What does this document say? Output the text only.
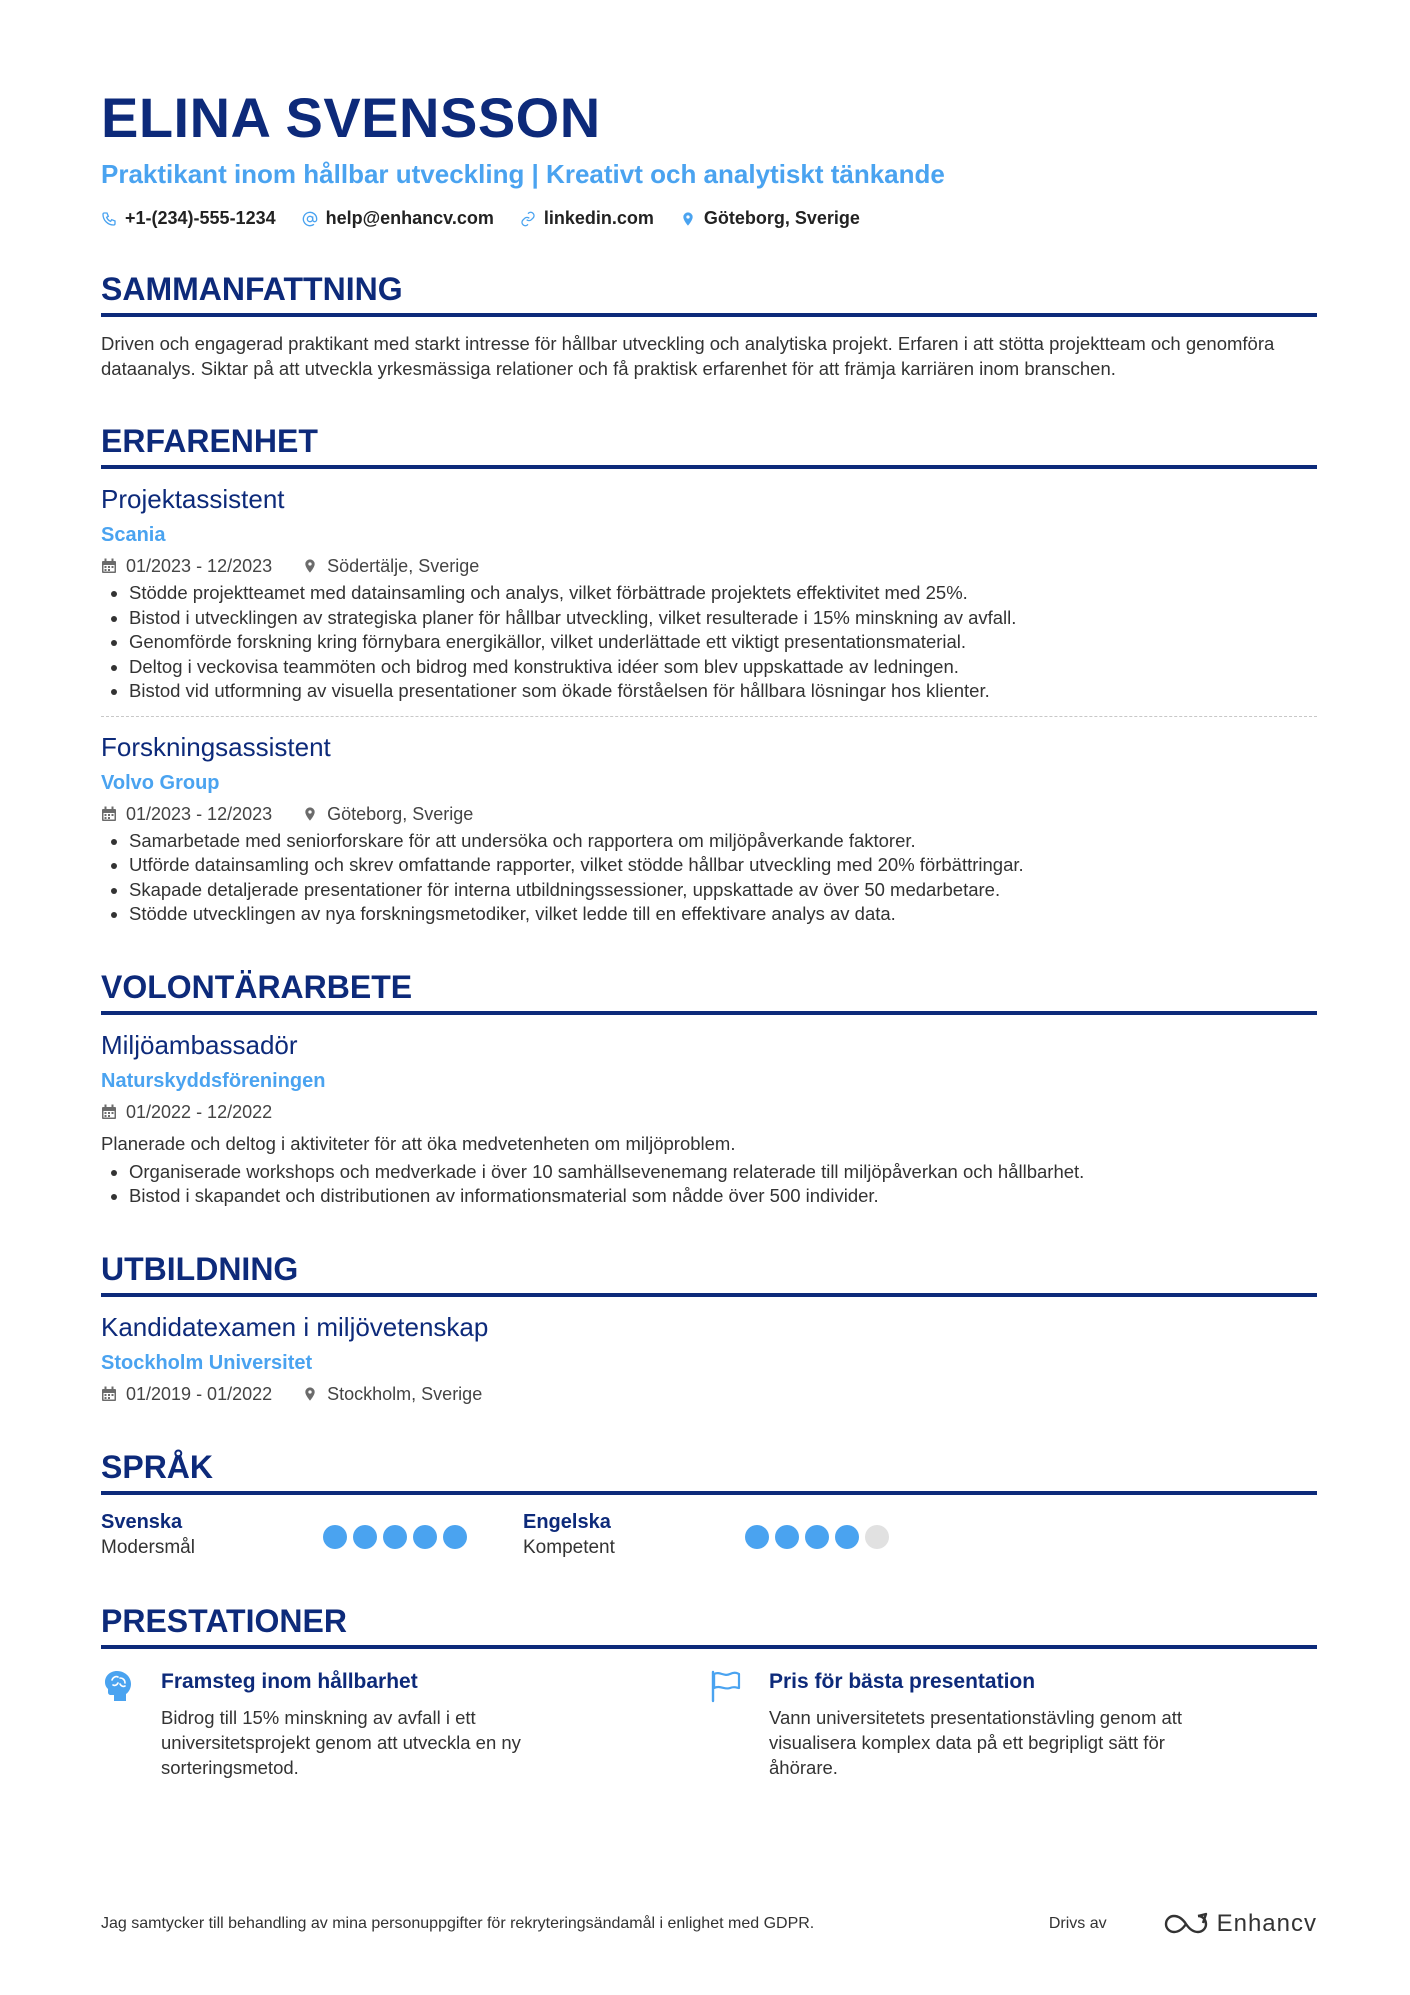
ELINA SVENSSON

Praktikant inom hållbar utveckling | Kreativt och analytiskt tänkande

+1-(234)-555-1234	help@enhancv.com	linkedin.com	Göteborg, Sverige
SAMMANFATTNING

Driven och engagerad praktikant med starkt intresse för hållbar utveckling och analytiska projekt. Erfaren i att stötta projektteam och genomföra dataanalys. Siktar på att utveckla yrkesmässiga relationer och få praktisk erfarenhet för att främja karriären inom branschen.

ERFARENHET

Projektassistent

Scania

01/2023 - 12/2023	Södertälje, Sverige
• Stödde projektteamet med datainsamling och analys, vilket förbättrade projektets effektivitet med 25%.
• Bistod i utvecklingen av strategiska planer för hållbar utveckling, vilket resulterade i 15% minskning av avfall.
• Genomförde forskning kring förnybara energikällor, vilket underlättade ett viktigt presentationsmaterial.
• Deltog i veckovisa teammöten och bidrog med konstruktiva idéer som blev uppskattade av ledningen.
• Bistod vid utformning av visuella presentationer som ökade förståelsen för hållbara lösningar hos klienter.

Forskningsassistent

Volvo Group

01/2023 - 12/2023	Göteborg, Sverige
• Samarbetade med seniorforskare för att undersöka och rapportera om miljöpåverkande faktorer.
• Utförde datainsamling och skrev omfattande rapporter, vilket stödde hållbar utveckling med 20% förbättringar.
• Skapade detaljerade presentationer för interna utbildningssessioner, uppskattade av över 50 medarbetare.
• Stödde utvecklingen av nya forskningsmetodiker, vilket ledde till en effektivare analys av data.
VOLONTÄRARBETE

Miljöambassadör

Naturskyddsföreningen

01/2022 - 12/2022

Planerade och deltog i aktiviteter för att öka medvetenheten om miljöproblem.

• Organiserade workshops och medverkade i över 10 samhällsevenemang relaterade till miljöpåverkan och hållbarhet.
• Bistod i skapandet och distributionen av informationsmaterial som nådde över 500 individer.
UTBILDNING

Kandidatexamen i miljövetenskap

Stockholm Universitet

01/2019 - 01/2022	Stockholm, Sverige
SPRÅK
Svenska
Modersmål
Engelska
Kompetent
PRESTATIONER

Framsteg inom hållbarhet

Bidrog till 15% minskning av avfall i ett universitetsprojekt genom att utveckla en ny sorteringsmetod.

Pris för bästa presentation

Vann universitetets presentationstävling genom att visualisera komplex data på ett begripligt sätt för åhörare.

Jag samtycker till behandling av mina personuppgifter för rekryteringsändamål i enlighet med GDPR.	Drivs av	Enhancv
